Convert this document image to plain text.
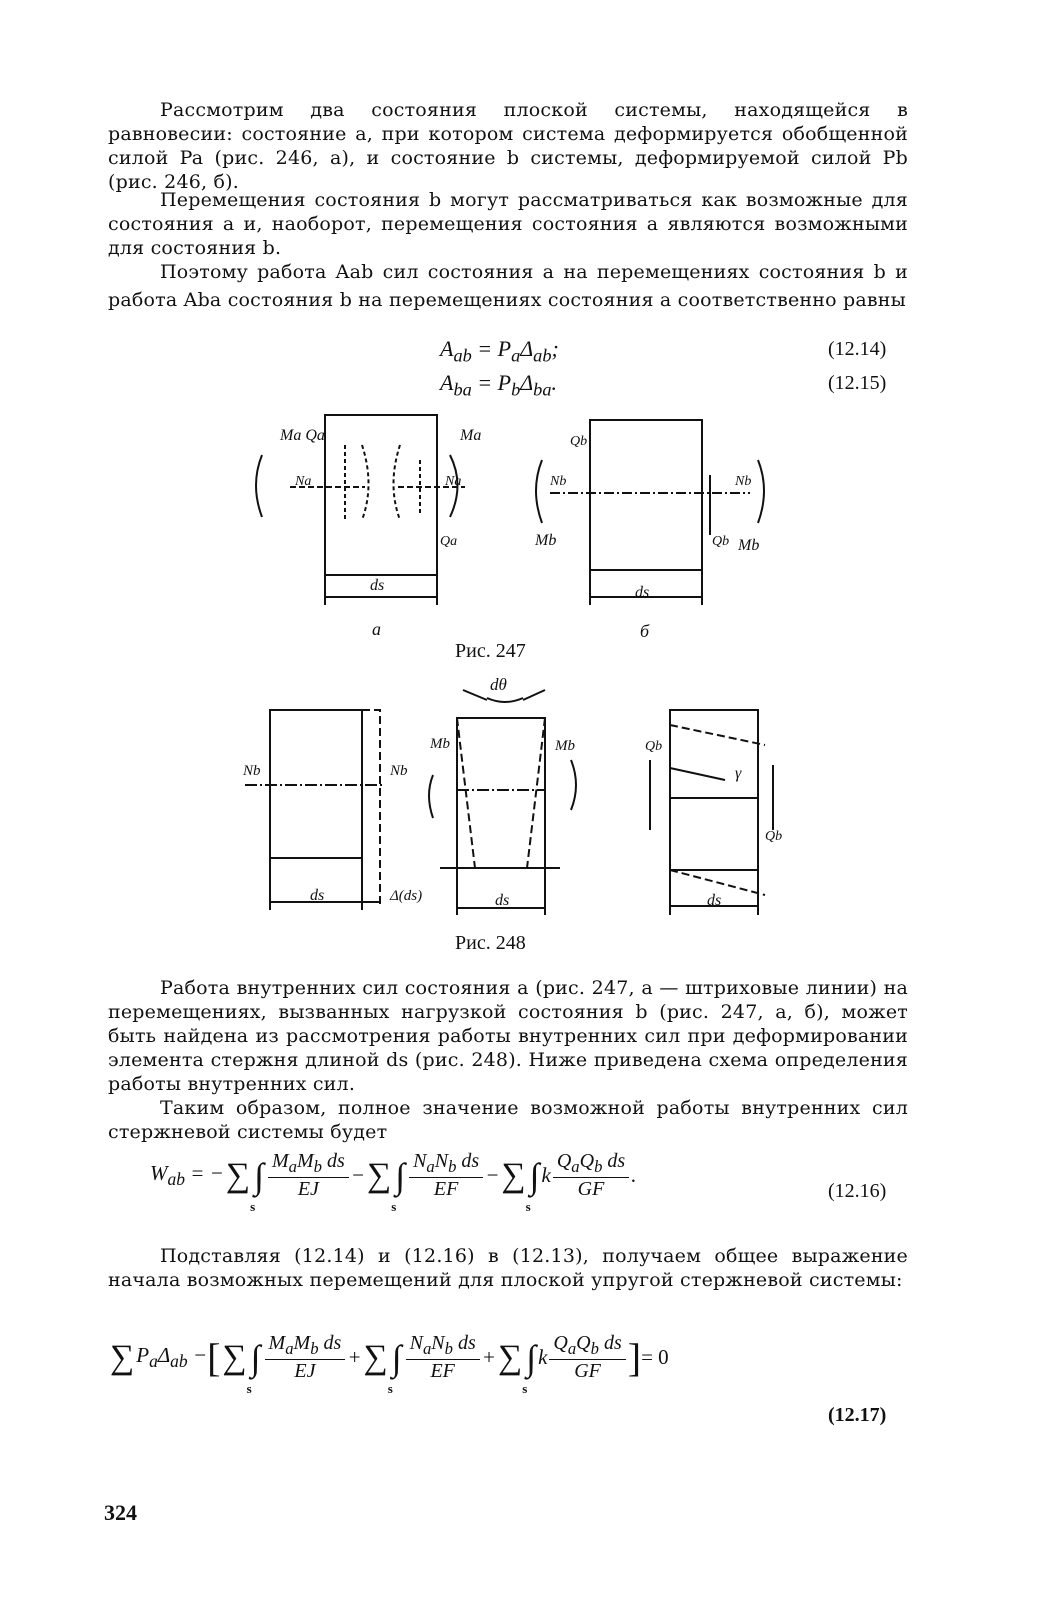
Рассмотрим два состояния плоской системы, находящейся в равновесии: состояние a, при котором система деформируется обобщенной силой Pa (рис. 246, a), и состояние b системы, деформируемой силой Pb (рис. 246, б).
Перемещения состояния b могут рассматриваться как возможные для состояния a и, наоборот, перемещения состояния a являются возможными для состояния b.
Поэтому работа Aab сил состояния a на перемещениях состояния b и работа Aba состояния b на перемещениях состояния a соответственно равны
$A_{ab} = P_a\Delta_{ab}$;	(12.14)
$A_{ba} = P_b\Delta_{ba}$.	(12.15)
Ma Qa
Na
Ma
Na
Qa
ds
a
Qb
Nb
Mb
Nb
Qb Mb
ds
б
Рис. 247
Nb	Nb
ds	Δ(ds)
dθ
Mb	Mb
ds
Qb
γ
Qb
ds
Рис. 248
Работа внутренних сил состояния a (рис. 247, a — штриховые линии) на перемещениях, вызванных нагрузкой состояния b (рис. 247, a, б), может быть найдена из рассмотрения работы внутренних сил при деформировании элемента стержня длиной ds (рис. 248). Ниже приведена схема определения работы внутренних сил.
Таким образом, полное значение возможной работы внутренних сил стержневой системы будет
$W_{ab}$ = − ∑ ∫
s
$\frac{M_aM_b ds}{EJ}$ − ∑ ∫
s
$\frac{N_aN_b ds}{EF}$ − ∑ ∫
s
k $\frac{Q_aQ_b ds}{GF}$ .
(12.16)
Подставляя (12.14) и (12.16) в (12.13), получаем общее выражение начала возможных перемещений для плоской упругой стержневой системы:
∑ $P_a\Delta_{ab}$ − [ ∑ ∫
s
$\frac{M_aM_b ds}{EJ}$ + ∑ ∫
s
$\frac{N_aN_b ds}{EF}$ + ∑ ∫
s
k $\frac{Q_aQ_b ds}{GF}$ ] = 0
(12.17)
324
